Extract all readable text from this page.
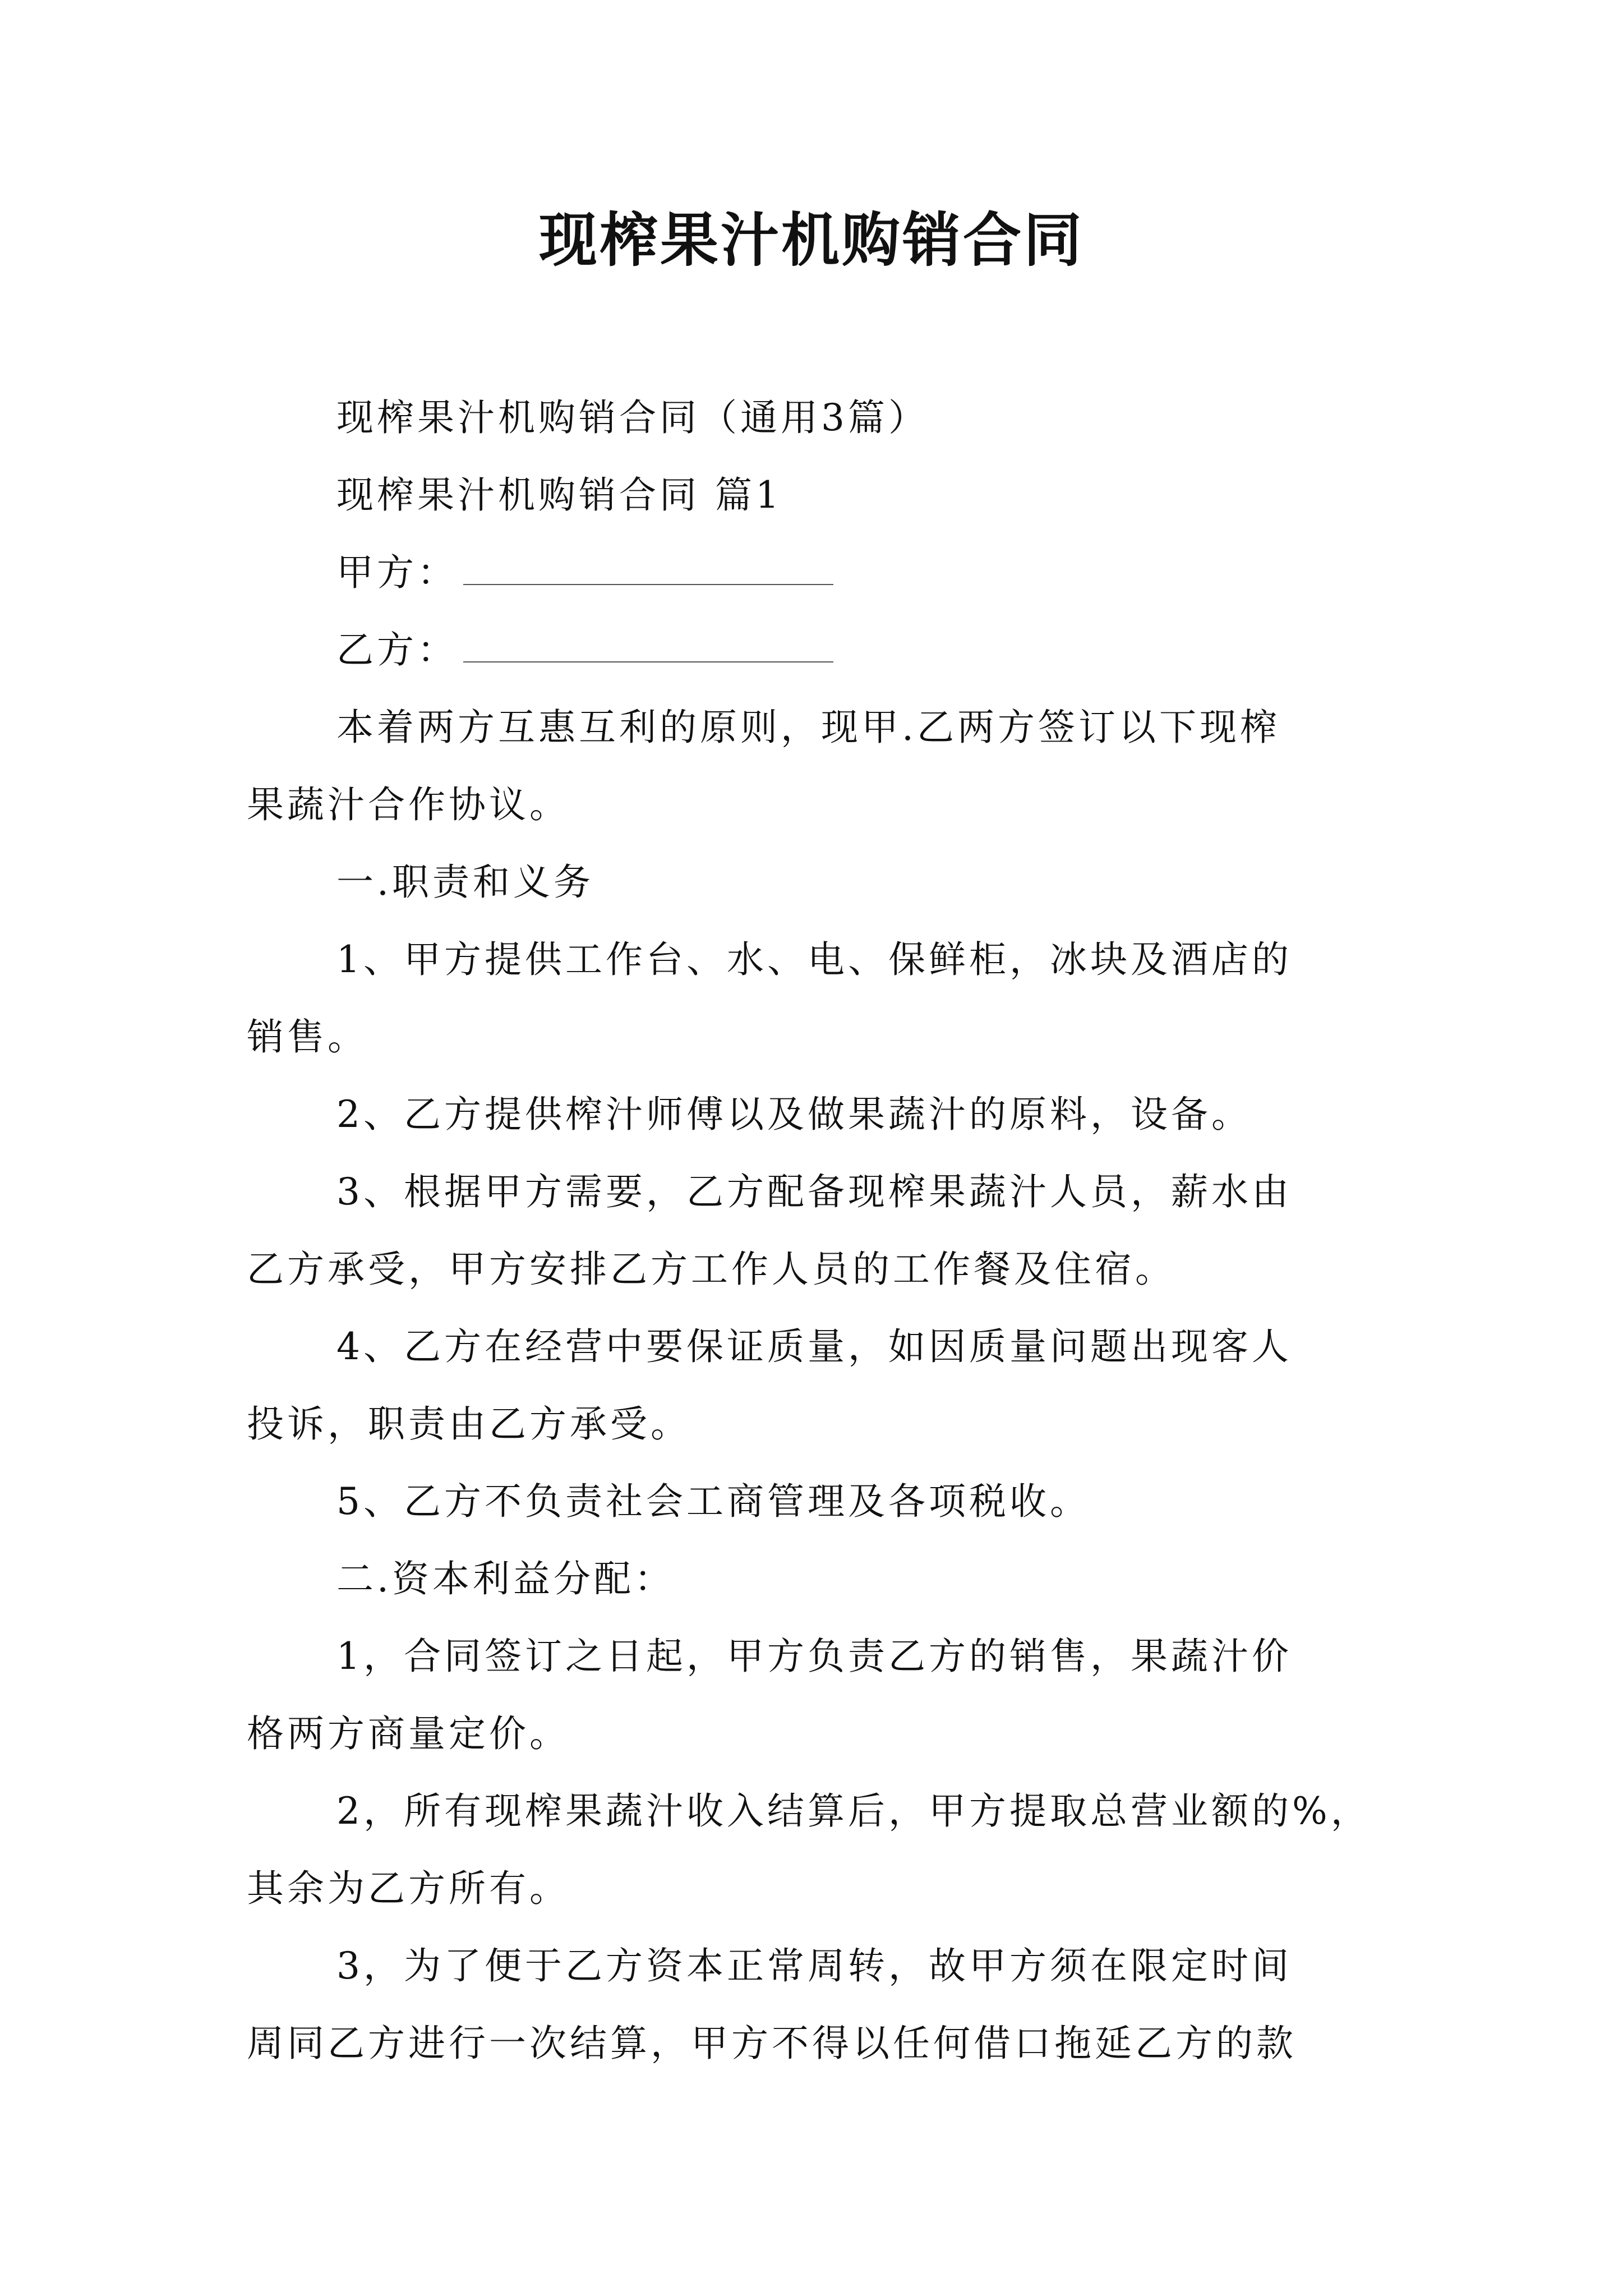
现榨果汁机购销合同
现榨果汁机购销合同（通用3篇）
现榨果汁机购销合同 篇1
甲方：
乙方：
本着两方互惠互利的原则，现甲.乙两方签订以下现榨
果蔬汁合作协议。
一.职责和义务
1、甲方提供工作台、水、电、保鲜柜，冰块及酒店的
销售。
2、乙方提供榨汁师傅以及做果蔬汁的原料，设备。
3、根据甲方需要，乙方配备现榨果蔬汁人员，薪水由
乙方承受，甲方安排乙方工作人员的工作餐及住宿。
4、乙方在经营中要保证质量，如因质量问题出现客人
投诉，职责由乙方承受。
5、乙方不负责社会工商管理及各项税收。
二.资本利益分配：
1，合同签订之日起，甲方负责乙方的销售，果蔬汁价
格两方商量定价。
2，所有现榨果蔬汁收入结算后，甲方提取总营业额的%，
其余为乙方所有。
3，为了便于乙方资本正常周转，故甲方须在限定时间
周同乙方进行一次结算，甲方不得以任何借口拖延乙方的款
